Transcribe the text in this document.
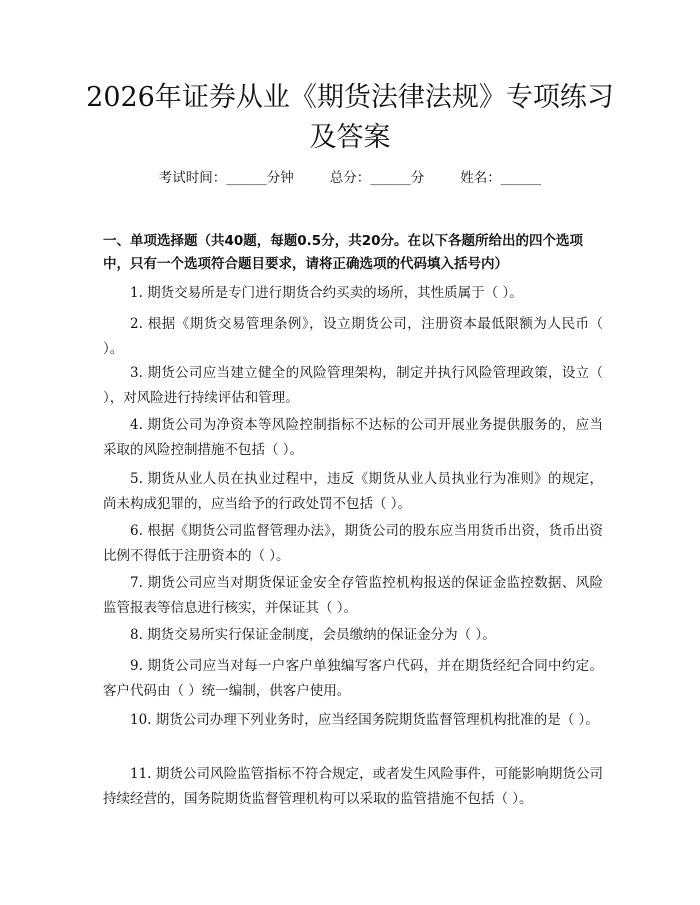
2026年证券从业《期货法律法规》专项练习
及答案
考试时间：______分钟	总分：______分	姓名：______
一、单项选择题（共40题，每题0.5分，共20分。在以下各题所给出的四个选项中，只有一个选项符合题目要求，请将正确选项的代码填入括号内）
1. 期货交易所是专门进行期货合约买卖的场所，其性质属于（ ）。
2. 根据《期货交易管理条例》，设立期货公司，注册资本最低限额为人民币（ ）。
3. 期货公司应当建立健全的风险管理架构，制定并执行风险管理政策，设立（ ），对风险进行持续评估和管理。
4. 期货公司为净资本等风险控制指标不达标的公司开展业务提供服务的，应当采取的风险控制措施不包括（ ）。
5. 期货从业人员在执业过程中，违反《期货从业人员执业行为准则》的规定，尚未构成犯罪的，应当给予的行政处罚不包括（ ）。
6. 根据《期货公司监督管理办法》，期货公司的股东应当用货币出资，货币出资比例不得低于注册资本的（ ）。
7. 期货公司应当对期货保证金安全存管监控机构报送的保证金监控数据、风险监管报表等信息进行核实，并保证其（ ）。
8. 期货交易所实行保证金制度，会员缴纳的保证金分为（ ）。
9. 期货公司应当对每一户客户单独编写客户代码，并在期货经纪合同中约定。客户代码由（ ）统一编制，供客户使用。
10. 期货公司办理下列业务时，应当经国务院期货监督管理机构批准的是（ ）。
11. 期货公司风险监管指标不符合规定，或者发生风险事件，可能影响期货公司持续经营的，国务院期货监督管理机构可以采取的监管措施不包括（ ）。
